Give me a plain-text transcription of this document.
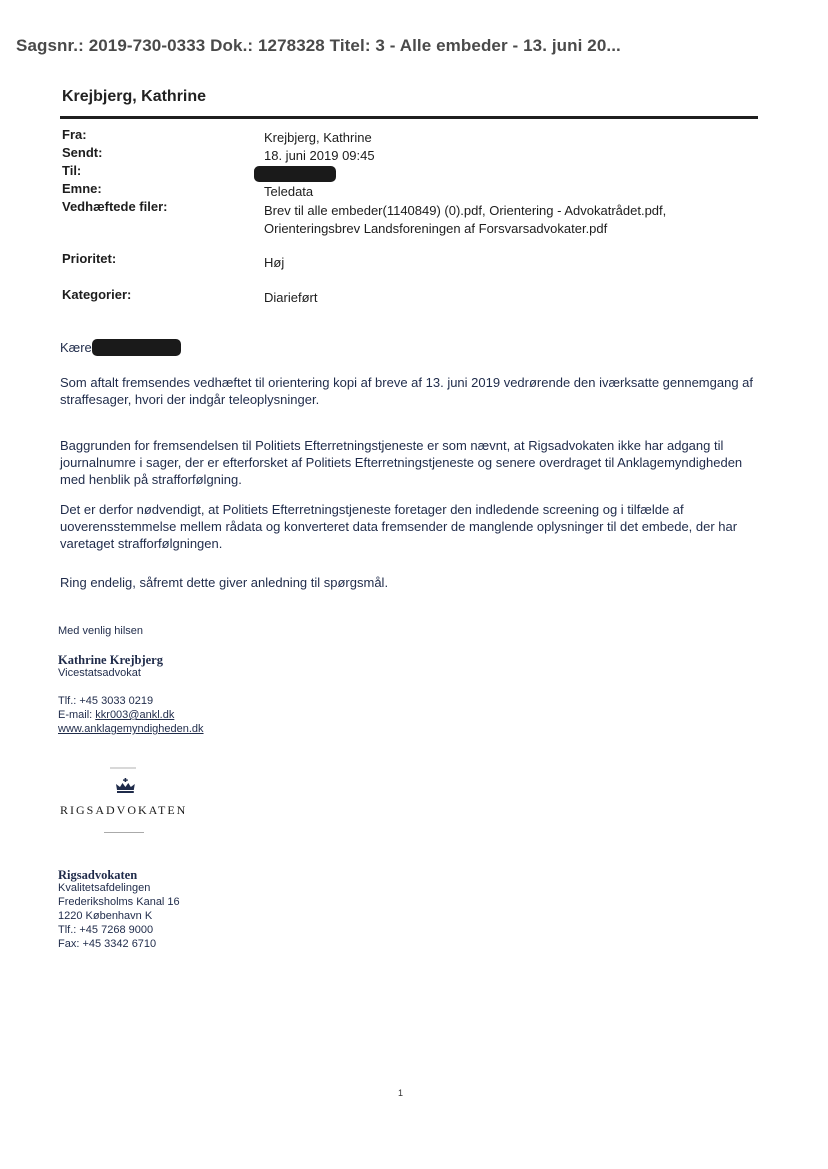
Sagsnr.: 2019-730-0333 Dok.: 1278328 Titel: 3 - Alle embeder - 13. juni 20...
Krejbjerg, Kathrine
Fra:	Krejbjerg, Kathrine
Sendt:	18. juni 2019 09:45
Til:
Emne:	Teledata
Vedhæftede filer:	Brev til alle embeder(1140849) (0).pdf, Orientering - Advokatrådet.pdf,
Orienteringsbrev Landsforeningen af Forsvarsadvokater.pdf
Prioritet:	Høj
Kategorier:	Diarieført
Kære
Som aftalt fremsendes vedhæftet til orientering kopi af breve af 13. juni 2019 vedrørende den iværksatte gennemgang af straffesager, hvori der indgår teleoplysninger.
Baggrunden for fremsendelsen til Politiets Efterretningstjeneste er som nævnt, at Rigsadvokaten ikke har adgang til journalnumre i sager, der er efterforsket af Politiets Efterretningstjeneste og senere overdraget til Anklagemyndigheden med henblik på strafforfølgning.
Det er derfor nødvendigt, at Politiets Efterretningstjeneste foretager den indledende screening og i tilfælde af uoverensstemmelse mellem rådata og konverteret data fremsender de manglende oplysninger til det embede, der har varetaget strafforfølgningen.
Ring endelig, såfremt dette giver anledning til spørgsmål.
Med venlig hilsen
Kathrine Krejbjerg
Vicestatsadvokat
Tlf.: +45 3033 0219
E-mail: kkr003@ankl.dk
www.anklagemyndigheden.dk
RIGSADVOKATEN
Rigsadvokaten
Kvalitetsafdelingen
Frederiksholms Kanal 16
1220 København K
Tlf.: +45 7268 9000
Fax: +45 3342 6710
1
